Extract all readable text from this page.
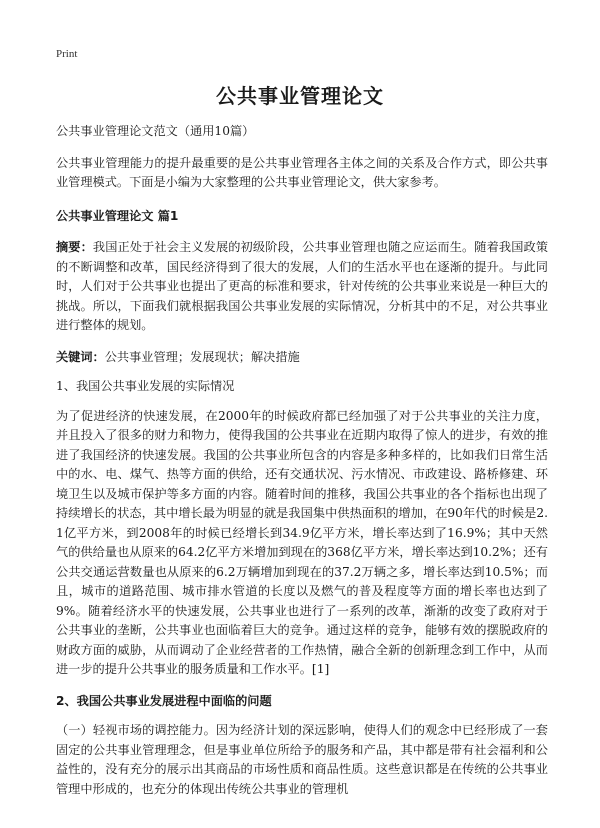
Print
公共事业管理论文

公共事业管理论文范文（通用10篇）

公共事业管理能力的提升最重要的是公共事业管理各主体之间的关系及合作方式，即公共事业管理模式。下面是小编为大家整理的公共事业管理论文，供大家参考。

公共事业管理论文 篇1

摘要：我国正处于社会主义发展的初级阶段，公共事业管理也随之应运而生。随着我国政策的不断调整和改革，国民经济得到了很大的发展，人们的生活水平也在逐渐的提升。与此同时，人们对于公共事业也提出了更高的标准和要求，针对传统的公共事业来说是一种巨大的挑战。所以，下面我们就根据我国公共事业发展的实际情况，分析其中的不足，对公共事业进行整体的规划。

关键词：公共事业管理；发展现状；解决措施

1、我国公共事业发展的实际情况

为了促进经济的快速发展，在2000年的时候政府都已经加强了对于公共事业的关注力度，并且投入了很多的财力和物力，使得我国的公共事业在近期内取得了惊人的进步，有效的推进了我国经济的快速发展。我国的公共事业所包含的内容是多种多样的，比如我们日常生活中的水、电、煤气、热等方面的供给，还有交通状况、污水情况、市政建设、路桥修建、环境卫生以及城市保护等多方面的内容。随着时间的推移，我国公共事业的各个指标也出现了持续增长的状态，其中增长最为明显的就是我国集中供热面积的增加，在90年代的时候是2.1亿平方米，到2008年的时候已经增长到34.9亿平方米，增长率达到了16.9%；其中天然气的供给量也从原来的64.2亿平方米增加到现在的368亿平方米，增长率达到10.2%；还有公共交通运营数量也从原来的6.2万辆增加到现在的37.2万辆之多，增长率达到10.5%；而且，城市的道路范围、城市排水管道的长度以及燃气的普及程度等方面的增长率也达到了9%。随着经济水平的快速发展，公共事业也进行了一系列的改革，渐渐的改变了政府对于公共事业的垄断，公共事业也面临着巨大的竞争。通过这样的竞争，能够有效的摆脱政府的财政方面的威胁，从而调动了企业经营者的工作热情，融合全新的创新理念到工作中，从而进一步的提升公共事业的服务质量和工作水平。[1]

2、我国公共事业发展进程中面临的问题

（一）轻视市场的调控能力。因为经济计划的深远影响，使得人们的观念中已经形成了一套固定的公共事业管理理念，但是事业单位所给予的服务和产品，其中都是带有社会福利和公益性的，没有充分的展示出其商品的市场性质和商品性质。这些意识都是在传统的公共事业管理中形成的，也充分的体现出传统公共事业的管理机
